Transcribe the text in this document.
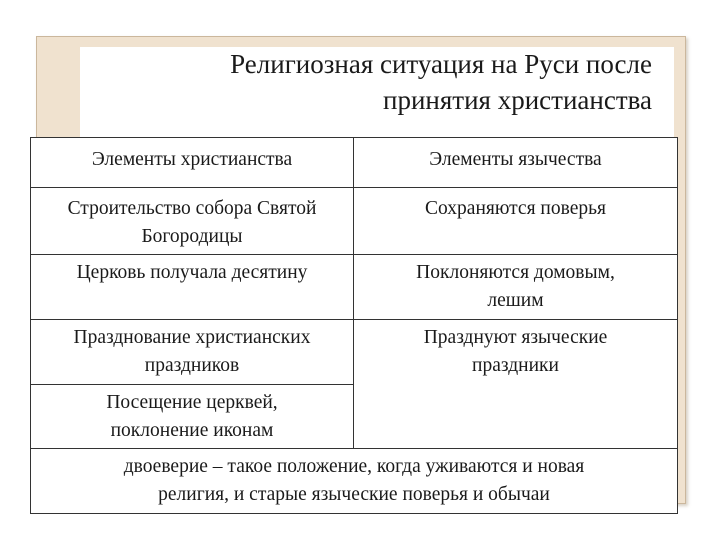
Религиозная ситуация на Руси после
принятия христианства
Элементы христианства	Элементы язычества
Строительство собора Святой
Богородицы
Сохраняются поверья
Церковь получала десятину	Поклоняются домовым,
лешим
Празднование христианских
праздников
Празднуют языческие
праздники
Посещение церквей,
поклонение иконам
двоеверие – такое положение, когда уживаются и новая
религия, и старые языческие поверья и обычаи
